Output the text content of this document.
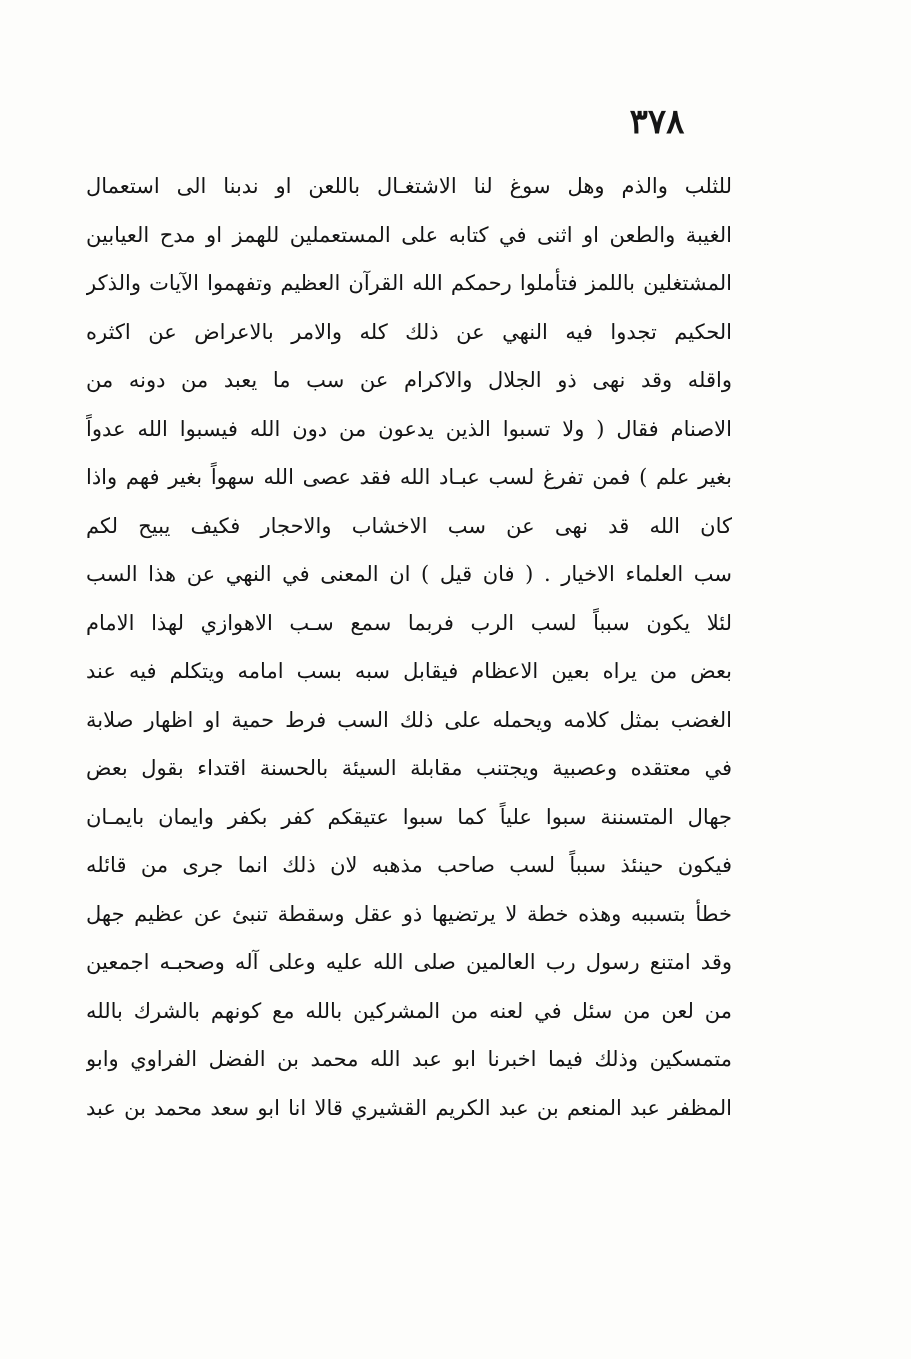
٣٧٨
للثلب والذم وهل سوغ لنا الاشتغـال باللعن او ندبنا الى استعمال
الغيبة والطعن او اثنى في كتابه على المستعملين للهمز او مدح العيابين
المشتغلين باللمز فتأملوا رحمكم الله القرآن العظيم وتفهموا الآيات والذكر
الحكيم تجدوا فيه النهي عن ذلك كله والامر بالاعراض عن اكثره
واقله وقد نهى ذو الجلال والاكرام عن سب ما يعبد من دونه من
الاصنام فقال ( ولا تسبوا الذين يدعون من دون الله فيسبوا الله عدواً
بغير علم ) فمن تفرغ لسب عبـاد الله فقد عصى الله سهواً بغير فهم واذا
كان الله قد نهى عن سب الاخشاب والاحجار فكيف يبيح لكم
سب العلماء الاخيار . ( فان قيل ) ان المعنى في النهي عن هذا السب
لئلا يكون سبباً لسب الرب فربما سمع سـب الاهوازي لهذا الامام
بعض من يراه بعين الاعظام فيقابل سبه بسب امامه ويتكلم فيه عند
الغضب بمثل كلامه ويحمله على ذلك السب فرط حمية او اظهار صلابة
في معتقده وعصبية ويجتنب مقابلة السيئة بالحسنة اقتداء بقول بعض
جهال المتسننة سبوا علياً كما سبوا عتيقكم كفر بكفر وايمان بايمـان
فيكون حينئذ سبباً لسب صاحب مذهبه لان ذلك انما جرى من قائله
خطأ بتسببه وهذه خطة لا يرتضيها ذو عقل وسقطة تنبئ عن عظيم جهل
وقد امتنع رسول رب العالمين صلى الله عليه وعلى آله وصحبـه اجمعين
من لعن من سئل في لعنه من المشركين بالله مع كونهم بالشرك بالله
متمسكين وذلك فيما اخبرنا ابو عبد الله محمد بن الفضل الفراوي وابو
المظفر عبد المنعم بن عبد الكريم القشيري قالا انا ابو سعد محمد بن عبد
